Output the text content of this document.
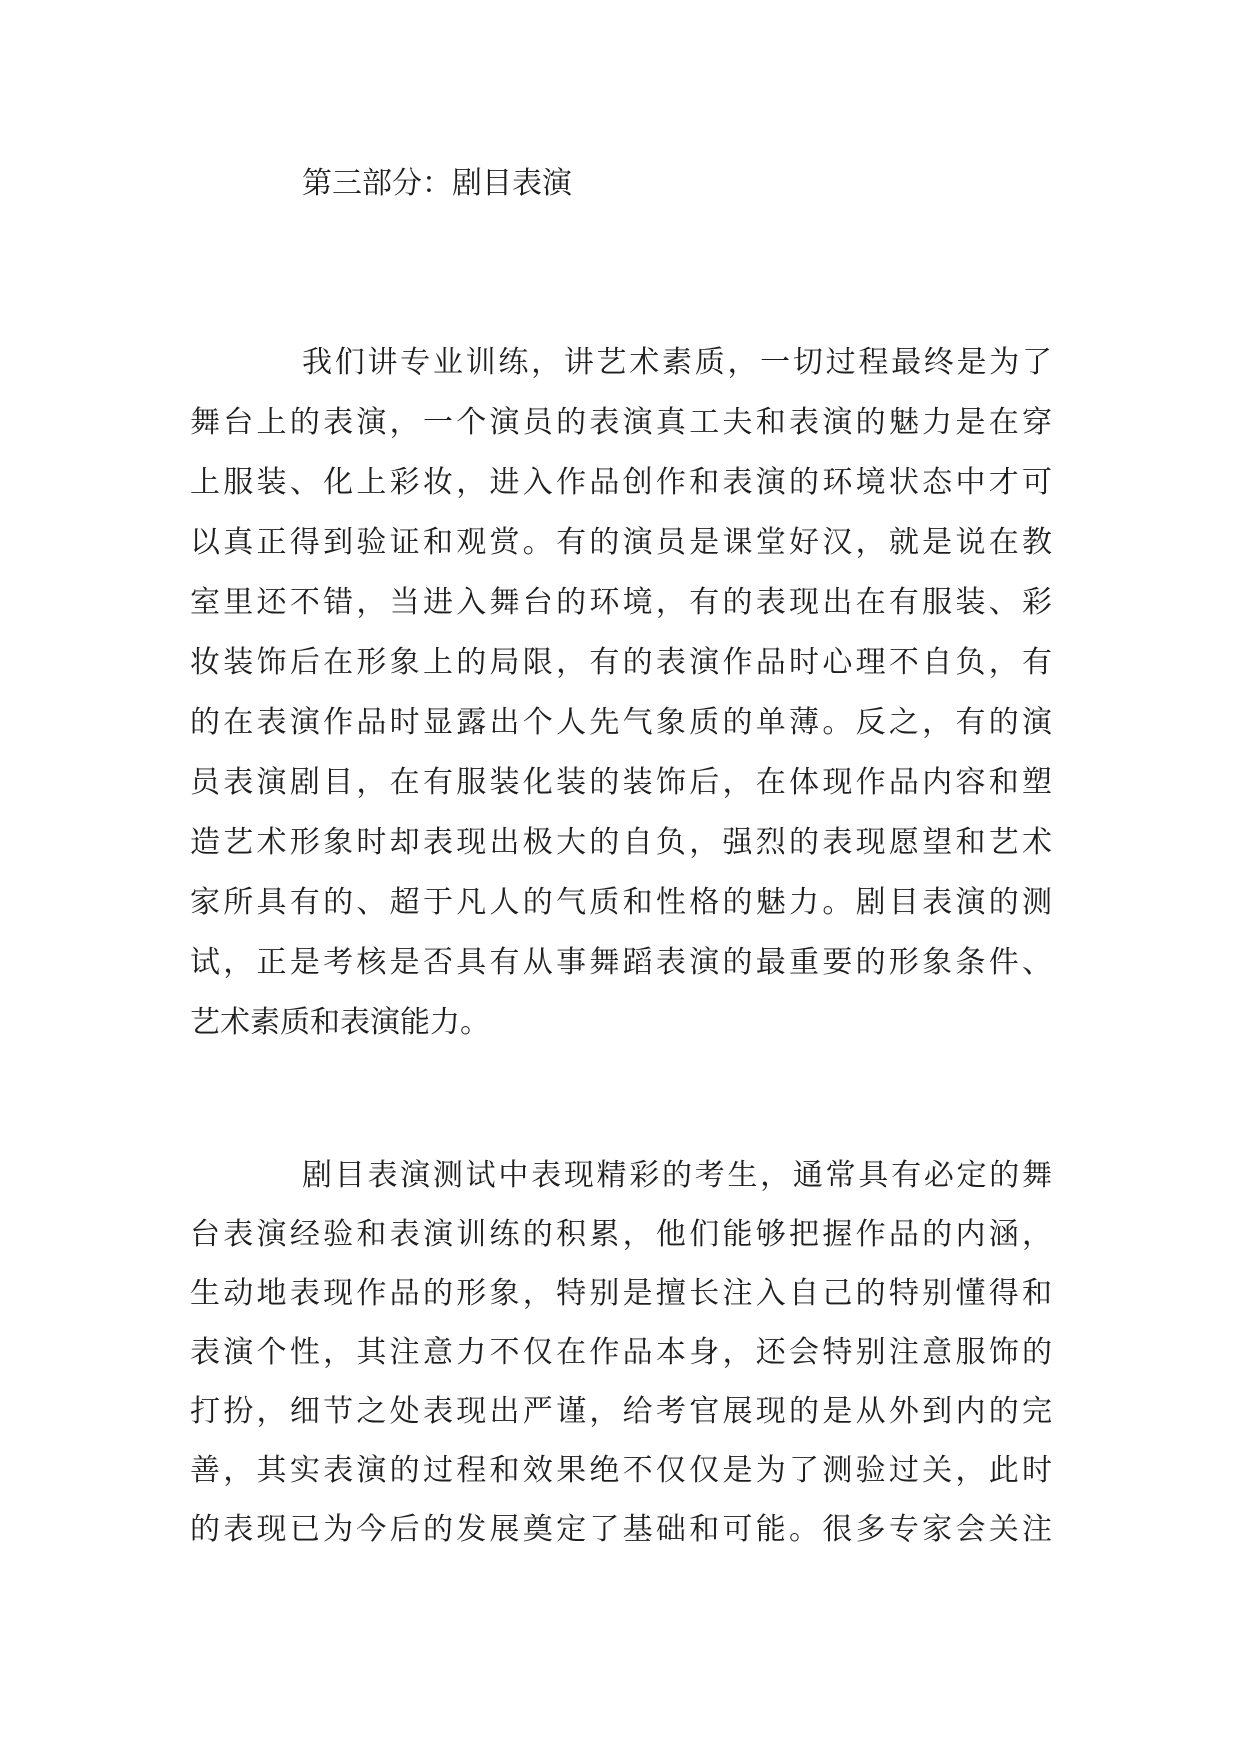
第三部分：剧目表演
我们讲专业训练，讲艺术素质，一切过程最终是为了
舞台上的表演，一个演员的表演真工夫和表演的魅力是在穿
上服装、化上彩妆，进入作品创作和表演的环境状态中才可
以真正得到验证和观赏。有的演员是课堂好汉，就是说在教
室里还不错，当进入舞台的环境，有的表现出在有服装、彩
妆装饰后在形象上的局限，有的表演作品时心理不自负，有
的在表演作品时显露出个人先气象质的单薄。反之，有的演
员表演剧目，在有服装化装的装饰后，在体现作品内容和塑
造艺术形象时却表现出极大的自负，强烈的表现愿望和艺术
家所具有的、超于凡人的气质和性格的魅力。剧目表演的测
试，正是考核是否具有从事舞蹈表演的最重要的形象条件、
艺术素质和表演能力。
剧目表演测试中表现精彩的考生，通常具有必定的舞
台表演经验和表演训练的积累，他们能够把握作品的内涵，
生动地表现作品的形象，特别是擅长注入自己的特别懂得和
表演个性，其注意力不仅在作品本身，还会特别注意服饰的
打扮，细节之处表现出严谨，给考官展现的是从外到内的完
善，其实表演的过程和效果绝不仅仅是为了测验过关，此时
的表现已为今后的发展奠定了基础和可能。很多专家会关注
